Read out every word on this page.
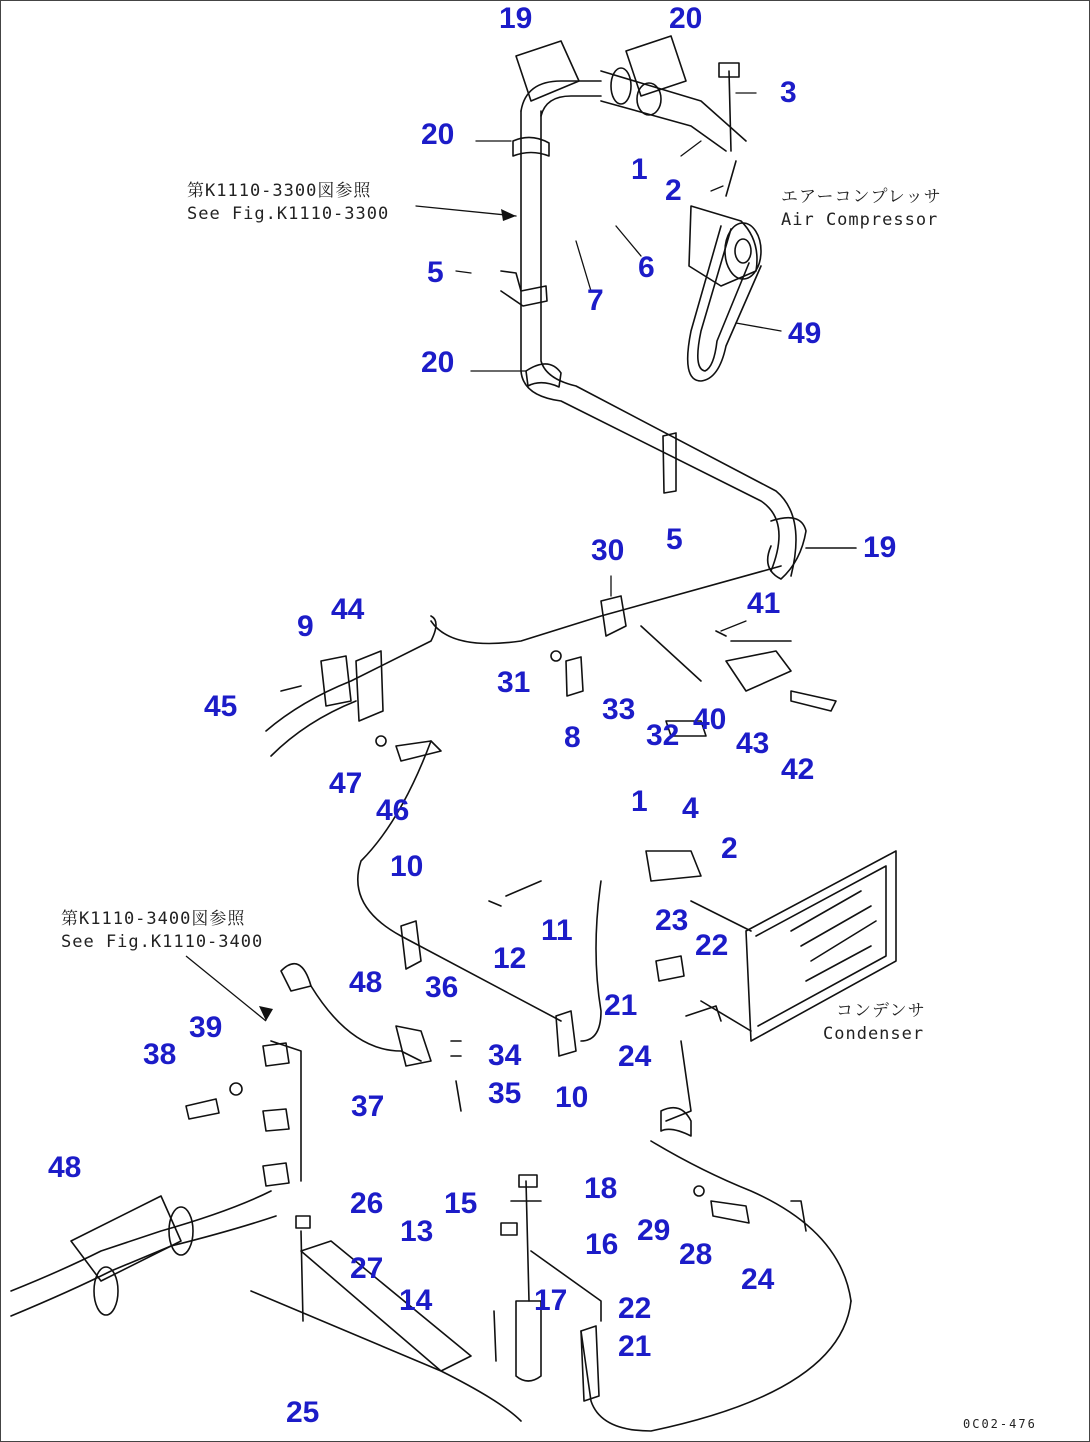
第K1110-3300図参照
See Fig.K1110-3300
第K1110-3400図参照
See Fig.K1110-3400
エアーコンプレッサ
Air Compressor
コンデンサ
Condenser
0C02-476
19	20
3
20
1
2
5
7
6
49
20
5	19
30
41
9
44
45
31
33
32 40
43
42
8
47
46	1 4
2
10
11
12
23
22
48 36
21
39
38	34
35 10
24
37
48
18
26 15
13	16 29
28
27
14	17 22
24
21
25
